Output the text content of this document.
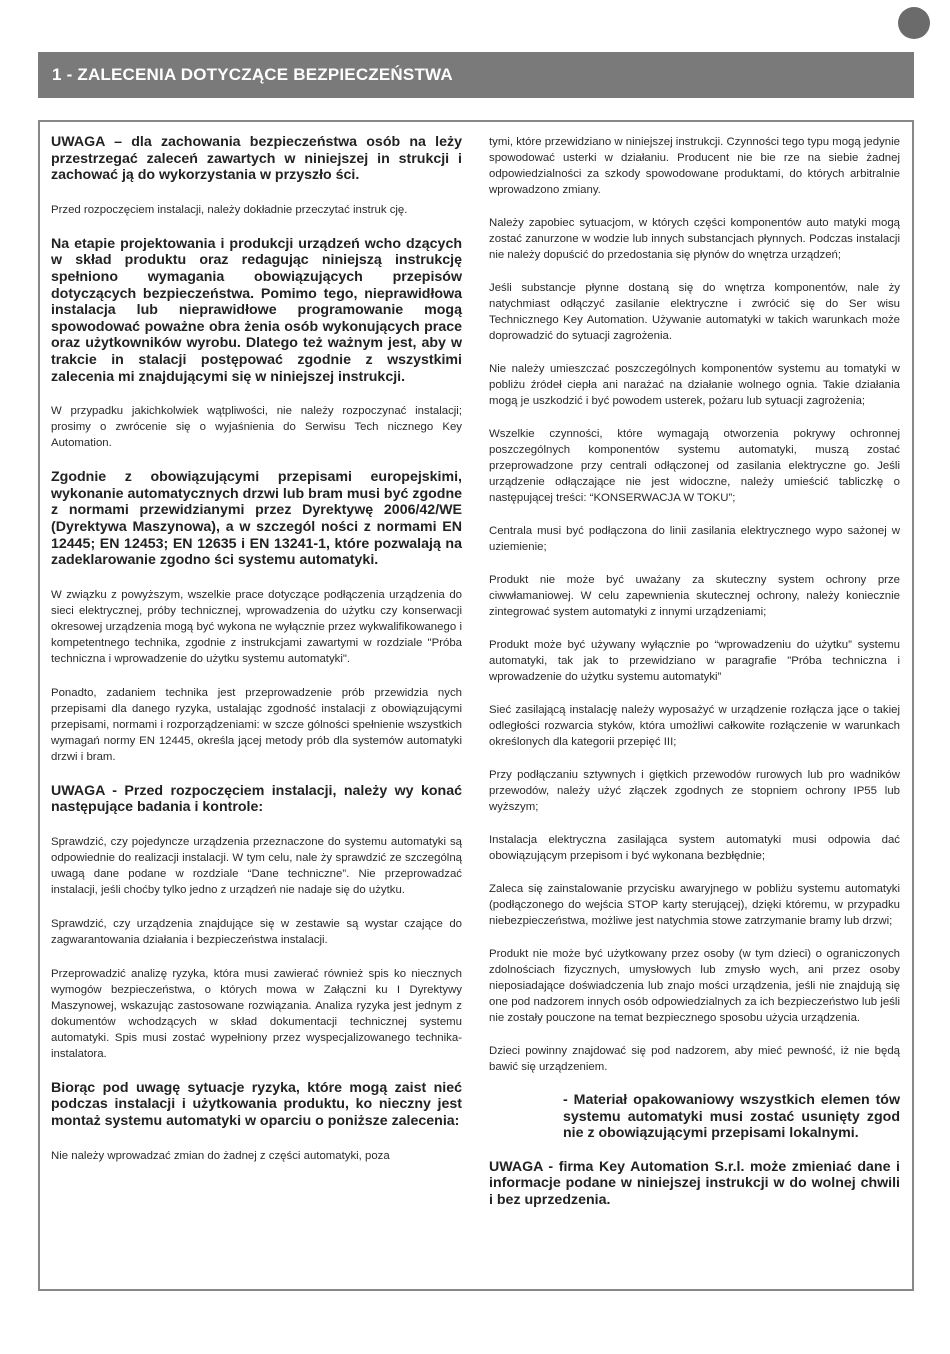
1 - ZALECENIA DOTYCZĄCE BEZPIECZEŃSTWA

UWAGA – dla zachowania bezpieczeństwa osób na leży przestrzegać zaleceń zawartych w niniejszej in strukcji i zachować ją do wykorzystania w przyszło ści.

Przed rozpoczęciem instalacji, należy dokładnie przeczytać instruk cję.

Na etapie projektowania i produkcji urządzeń wcho dzących w skład produktu oraz redagując niniejszą instrukcję spełniono wymagania obowiązujących przepisów dotyczących bezpieczeństwa. Pomimo tego, nieprawidłowa instalacja lub nieprawidłowe programowanie mogą spowodować poważne obra żenia osób wykonujących prace oraz użytkowników wyrobu. Dlatego też ważnym jest, aby w trakcie in stalacji postępować zgodnie z wszystkimi zalecenia mi znajdującymi się w niniejszej instrukcji.

W przypadku jakichkolwiek wątpliwości, nie należy rozpoczynać instalacji; prosimy o zwrócenie się o wyjaśnienia do Serwisu Tech nicznego Key Automation.

Zgodnie z obowiązującymi przepisami europejskimi, wykonanie automatycznych drzwi lub bram musi być zgodne z normami przewidzianymi przez Dyrektywę 2006/42/WE (Dyrektywa Maszynowa), a w szczegól ności z normami EN 12445; EN 12453; EN 12635 i EN 13241-1, które pozwalają na zadeklarowanie zgodno ści systemu automatyki.

W związku z powyższym, wszelkie prace dotyczące podłączenia urządzenia do sieci elektrycznej, próby technicznej, wprowadzenia do użytku czy konserwacji okresowej urządzenia mogą być wykona ne wyłącznie przez wykwalifikowanego i kompetentnego technika, zgodnie z instrukcjami zawartymi w rozdziale "Próba techniczna i wprowadzenie do użytku systemu automatyki".

Ponadto, zadaniem technika jest przeprowadzenie prób przewidzia nych przepisami dla danego ryzyka, ustalając zgodność instalacji z obowiązującymi przepisami, normami i rozporządzeniami: w szcze gólności spełnienie wszystkich wymagań normy EN 12445, określa jącej metody prób dla systemów automatyki drzwi i bram.

UWAGA - Przed rozpoczęciem instalacji, należy wy konać następujące badania i kontrole:

Sprawdzić, czy pojedyncze urządzenia przeznaczone do systemu automatyki są odpowiednie do realizacji instalacji. W tym celu, nale ży sprawdzić ze szczególną uwagą dane podane w rozdziale “Dane techniczne”. Nie przeprowadzać instalacji, jeśli choćby tylko jedno z urządzeń nie nadaje się do użytku.

Sprawdzić, czy urządzenia znajdujące się w zestawie są wystar czające do zagwarantowania działania i bezpieczeństwa instalacji.

Przeprowadzić analizę ryzyka, która musi zawierać również spis ko niecznych wymogów bezpieczeństwa, o których mowa w Załączni ku I Dyrektywy Maszynowej, wskazując zastosowane rozwiązania. Analiza ryzyka jest jednym z dokumentów wchodzących w skład dokumentacji technicznej systemu automatyki. Spis musi zostać wypełniony przez wyspecjalizowanego technika-instalatora.

Biorąc pod uwagę sytuacje ryzyka, które mogą zaist nieć podczas instalacji i użytkowania produktu, ko nieczny jest montaż systemu automatyki w oparciu o poniższe zalecenia:

Nie należy wprowadzać zmian do żadnej z części automatyki, poza

tymi, które przewidziano w niniejszej instrukcji. Czynności tego typu mogą jedynie spowodować usterki w działaniu. Producent nie bie rze na siebie żadnej odpowiedzialności za szkody spowodowane produktami, do których arbitralnie wprowadzono zmiany.

Należy zapobiec sytuacjom, w których części komponentów auto matyki mogą zostać zanurzone w wodzie lub innych substancjach płynnych. Podczas instalacji nie należy dopuścić do przedostania się płynów do wnętrza urządzeń;

Jeśli substancje płynne dostaną się do wnętrza komponentów, nale ży natychmiast odłączyć zasilanie elektryczne i zwrócić się do Ser wisu Technicznego Key Automation. Używanie automatyki w takich warunkach może doprowadzić do sytuacji zagrożenia.

Nie należy umieszczać poszczególnych komponentów systemu au tomatyki w pobliżu źródeł ciepła ani narażać na działanie wolnego ognia. Takie działania mogą je uszkodzić i być powodem usterek, pożaru lub sytuacji zagrożenia;

Wszelkie czynności, które wymagają otworzenia pokrywy ochronnej poszczególnych komponentów systemu automatyki, muszą zostać przeprowadzone przy centrali odłączonej od zasilania elektryczne go. Jeśli urządzenie odłączające nie jest widoczne, należy umieścić tabliczkę o następującej treści: “KONSERWACJA W TOKU”;

Centrala musi być podłączona do linii zasilania elektrycznego wypo sażonej w uziemienie;

Produkt nie może być uważany za skuteczny system ochrony prze ciwwłamaniowej. W celu zapewnienia skutecznej ochrony, należy koniecznie zintegrować system automatyki z innymi urządzeniami;

Produkt może być używany wyłącznie po “wprowadzeniu do użytku” systemu automatyki, tak jak to przewidziano w paragrafie "Próba techniczna i wprowadzenie do użytku systemu automatyki”

Sieć zasilającą instalację należy wyposażyć w urządzenie rozłącza jące o takiej odległości rozwarcia styków, która umożliwi całkowite rozłączenie w warunkach określonych dla kategorii przepięć III;

Przy podłączaniu sztywnych i giętkich przewodów rurowych lub pro wadników przewodów, należy użyć złączek zgodnych ze stopniem ochrony IP55 lub wyższym;

Instalacja elektryczna zasilająca system automatyki musi odpowia dać obowiązującym przepisom i być wykonana bezbłędnie;

Zaleca się zainstalowanie przycisku awaryjnego w pobliżu systemu automatyki (podłączonego do wejścia STOP karty sterującej), dzięki któremu, w przypadku niebezpieczeństwa, możliwe jest natychmia stowe zatrzymanie bramy lub drzwi;

Produkt nie może być użytkowany przez osoby (w tym dzieci) o ograniczonych zdolnościach fizycznych, umysłowych lub zmysło wych, ani przez osoby nieposiadające doświadczenia lub znajo mości urządzenia, jeśli nie znajdują się one pod nadzorem innych osób odpowiedzialnych za ich bezpieczeństwo lub jeśli nie zostały pouczone na temat bezpiecznego sposobu użycia urządzenia.

Dzieci powinny znajdować się pod nadzorem, aby mieć pewność, iż nie będą bawić się urządzeniem.

- Materiał opakowaniowy wszystkich elemen tów systemu automatyki musi zostać usunięty zgod nie z obowiązującymi przepisami lokalnymi.

UWAGA - firma Key Automation S.r.l. może zmieniać dane i informacje podane w niniejszej instrukcji w do wolnej chwili i bez uprzedzenia.
